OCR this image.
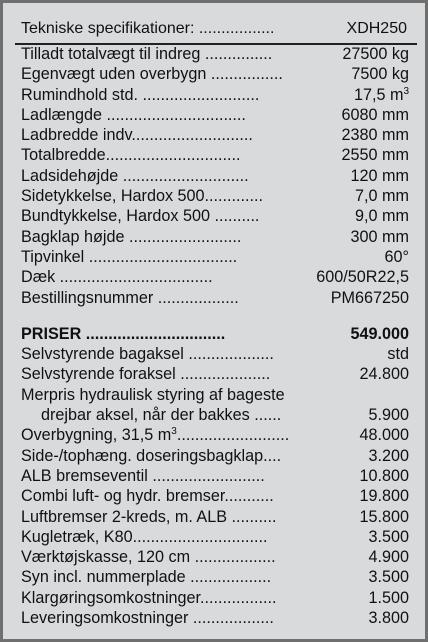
Tekniske specifikationer: .................	XDH250
Tilladt totalvægt til indreg ...............	27500 kg
Egenvægt uden overbygn ................	7500 kg
Rumindhold std. ..........................	17,5 $m^3$
Ladlængde ...............................	6080 mm
Ladbredde indv...........................	2380 mm
Totalbredde..............................	2550 mm
Ladsidehøjde ............................	120 mm
Sidetykkelse, Hardox 500.............	7,0 mm
Bundtykkelse, Hardox 500 ..........	9,0 mm
Bagklap højde .........................	300 mm
Tipvinkel .................................	60°
Dæk ..................................	600/50R22,5
Bestillingsnummer ..................	PM667250
PRISER ...............................	549.000
Selvstyrende bagaksel ...................	std
Selvstyrende foraksel ....................	24.800
Merpris hydraulisk styring af bageste
drejbar aksel, når der bakkes ......	5.900
Overbygning, 31,5 $m^3$.........................	48.000
Side-/tophæng. doseringsbagklap....	3.200
ALB bremseventil .........................	10.800
Combi luft- og hydr. bremser...........	19.800
Luftbremser 2-kreds, m. ALB ..........	15.800
Kugletræk, K80..............................	3.500
Værktøjskasse, 120 cm ..................	4.900
Syn incl. nummerplade ..................	3.500
Klargøringsomkostninger.................	1.500
Leveringsomkostninger ..................	3.800
